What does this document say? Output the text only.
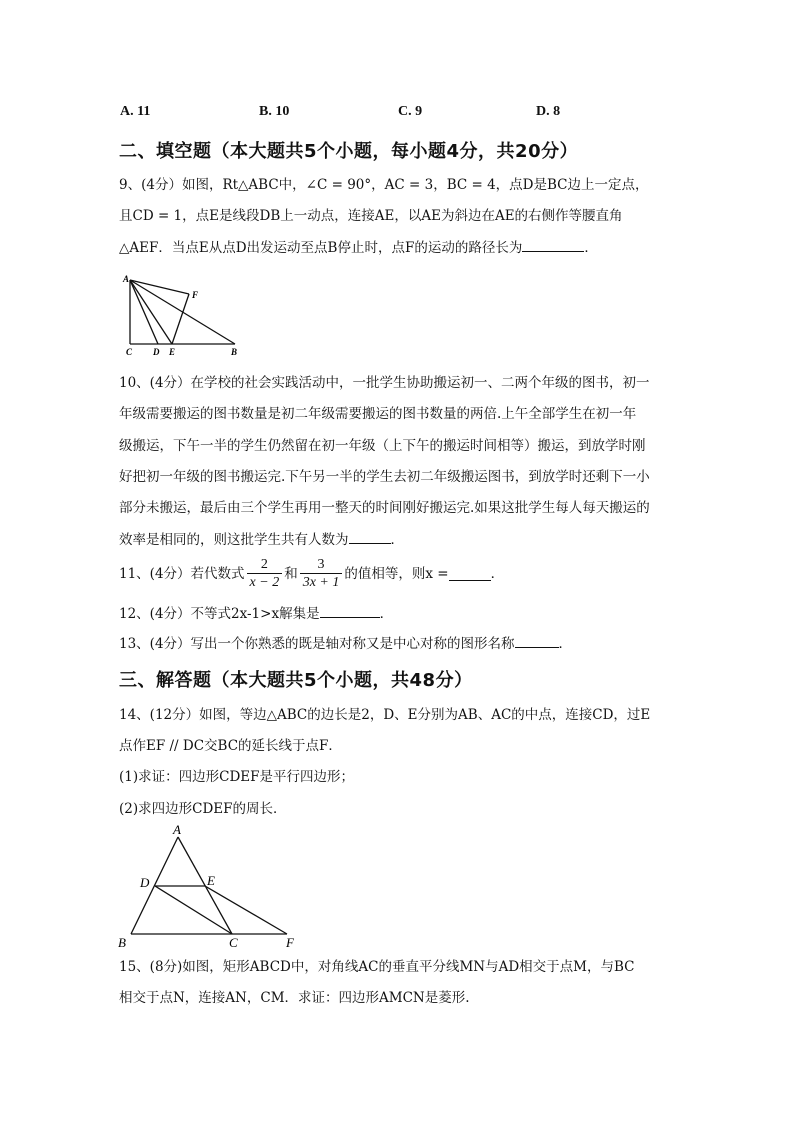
A. 11	B. 10	C. 9	D. 8
二、填空题（本大题共5个小题，每小题4分，共20分）
9、(4分）如图，Rt△ABC中，∠C = 90°，AC = 3，BC = 4，点D是BC边上一定点，
且CD = 1，点E是线段DB上一动点，连接AE，以AE为斜边在AE的右侧作等腰直角
△AEF．当点E从点D出发运动至点B停止时，点F的运动的路径长为	．
A
F
C D E	B
10、(4分）在学校的社会实践活动中，一批学生协助搬运初一、二两个年级的图书，初一
年级需要搬运的图书数量是初二年级需要搬运的图书数量的两倍.上午全部学生在初一年
级搬运，下午一半的学生仍然留在初一年级（上下午的搬运时间相等）搬运，到放学时刚
好把初一年级的图书搬运完.下午另一半的学生去初二年级搬运图书，到放学时还剩下一小
部分未搬运，最后由三个学生再用一整天的时间刚好搬运完.如果这批学生每人每天搬运的
效率是相同的，则这批学生共有人数为	．
11、(4分）若代数式 $\frac{2}{x - 2}$ 和 $\frac{3}{3x + 1}$ 的值相等，则x =	．
12、(4分）不等式2x-1>x解集是	．
13、(4分）写出一个你熟悉的既是轴对称又是中心对称的图形名称	．
三、解答题（本大题共5个小题，共48分）
14、(12分）如图，等边△ABC的边长是2，D、E分别为AB、AC的中点，连接CD，过E
点作EF // DC交BC的延长线于点F．
(1)求证：四边形CDEF是平行四边形；
(2)求四边形CDEF的周长．
A
D	E
B	C	F
15、(8分)如图，矩形ABCD中，对角线AC的垂直平分线MN与AD相交于点M，与BC
相交于点N，连接AN，CM．求证：四边形AMCN是菱形.
